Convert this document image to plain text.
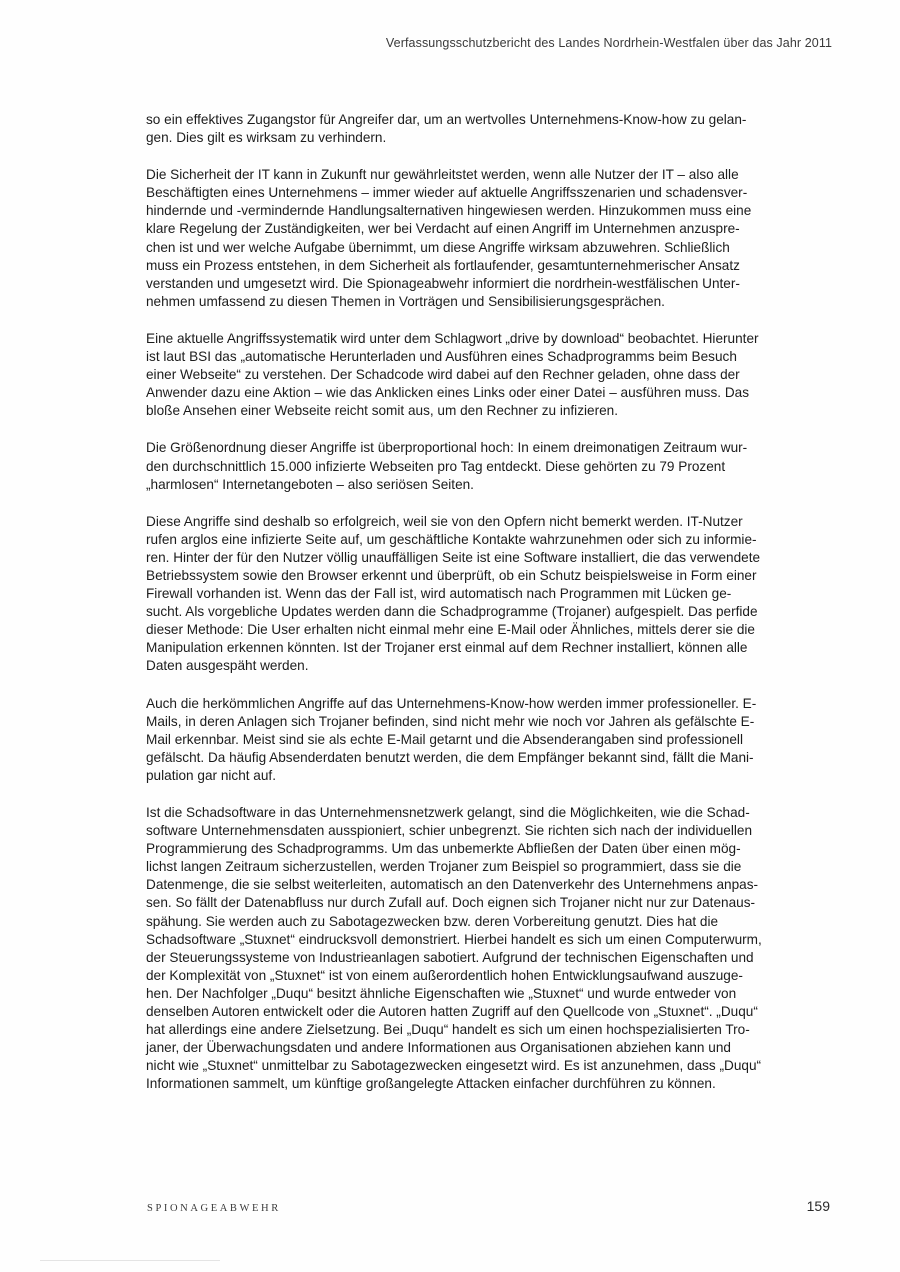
Verfassungsschutzbericht des Landes Nordrhein-Westfalen über das Jahr 2011

so ein effektives Zugangstor für Angreifer dar, um an wertvolles Unternehmens-Know-how zu gelan-
gen. Dies gilt es wirksam zu verhindern.

Die Sicherheit der IT kann in Zukunft nur gewährleitstet werden, wenn alle Nutzer der IT – also alle
Beschäftigten eines Unternehmens – immer wieder auf aktuelle Angriffsszenarien und schadensver-
hindernde und -vermindernde Handlungsalternativen hingewiesen werden. Hinzukommen muss eine
klare Regelung der Zuständigkeiten, wer bei Verdacht auf einen Angriff im Unternehmen anzuspre-
chen ist und wer welche Aufgabe übernimmt, um diese Angriffe wirksam abzuwehren. Schließlich
muss ein Prozess entstehen, in dem Sicherheit als fortlaufender, gesamtunternehmerischer Ansatz
verstanden und umgesetzt wird. Die Spionageabwehr informiert die nordrhein-westfälischen Unter-
nehmen umfassend zu diesen Themen in Vorträgen und Sensibilisierungsgesprächen.

Eine aktuelle Angriffssystematik wird unter dem Schlagwort „drive by download“ beobachtet. Hierunter
ist laut BSI das „automatische Herunterladen und Ausführen eines Schadprogramms beim Besuch
einer Webseite“ zu verstehen. Der Schadcode wird dabei auf den Rechner geladen, ohne dass der
Anwender dazu eine Aktion – wie das Anklicken eines Links oder einer Datei – ausführen muss. Das
bloße Ansehen einer Webseite reicht somit aus, um den Rechner zu infizieren.

Die Größenordnung dieser Angriffe ist überproportional hoch: In einem dreimonatigen Zeitraum wur-
den durchschnittlich 15.000 infizierte Webseiten pro Tag entdeckt. Diese gehörten zu 79 Prozent
„harmlosen“ Internetangeboten – also seriösen Seiten.

Diese Angriffe sind deshalb so erfolgreich, weil sie von den Opfern nicht bemerkt werden. IT-Nutzer
rufen arglos eine infizierte Seite auf, um geschäftliche Kontakte wahrzunehmen oder sich zu informie-
ren. Hinter der für den Nutzer völlig unauffälligen Seite ist eine Software installiert, die das verwendete
Betriebssystem sowie den Browser erkennt und überprüft, ob ein Schutz beispielsweise in Form einer
Firewall vorhanden ist. Wenn das der Fall ist, wird automatisch nach Programmen mit Lücken ge-
sucht. Als vorgebliche Updates werden dann die Schadprogramme (Trojaner) aufgespielt. Das perfide
dieser Methode: Die User erhalten nicht einmal mehr eine E-Mail oder Ähnliches, mittels derer sie die
Manipulation erkennen könnten. Ist der Trojaner erst einmal auf dem Rechner installiert, können alle
Daten ausgespäht werden.

Auch die herkömmlichen Angriffe auf das Unternehmens-Know-how werden immer professioneller. E-
Mails, in deren Anlagen sich Trojaner befinden, sind nicht mehr wie noch vor Jahren als gefälschte E-
Mail erkennbar. Meist sind sie als echte E-Mail getarnt und die Absenderangaben sind professionell
gefälscht. Da häufig Absenderdaten benutzt werden, die dem Empfänger bekannt sind, fällt die Mani-
pulation gar nicht auf.

Ist die Schadsoftware in das Unternehmensnetzwerk gelangt, sind die Möglichkeiten, wie die Schad-
software Unternehmensdaten ausspioniert, schier unbegrenzt. Sie richten sich nach der individuellen
Programmierung des Schadprogramms. Um das unbemerkte Abfließen der Daten über einen mög-
lichst langen Zeitraum sicherzustellen, werden Trojaner zum Beispiel so programmiert, dass sie die
Datenmenge, die sie selbst weiterleiten, automatisch an den Datenverkehr des Unternehmens anpas-
sen. So fällt der Datenabfluss nur durch Zufall auf. Doch eignen sich Trojaner nicht nur zur Datenaus-
spähung. Sie werden auch zu Sabotagezwecken bzw. deren Vorbereitung genutzt. Dies hat die
Schadsoftware „Stuxnet“ eindrucksvoll demonstriert. Hierbei handelt es sich um einen Computerwurm,
der Steuerungssysteme von Industrieanlagen sabotiert. Aufgrund der technischen Eigenschaften und
der Komplexität von „Stuxnet“ ist von einem außerordentlich hohen Entwicklungsaufwand auszuge-
hen. Der Nachfolger „Duqu“ besitzt ähnliche Eigenschaften wie „Stuxnet“ und wurde entweder von
denselben Autoren entwickelt oder die Autoren hatten Zugriff auf den Quellcode von „Stuxnet“. „Duqu“
hat allerdings eine andere Zielsetzung. Bei „Duqu“ handelt es sich um einen hochspezialisierten Tro-
janer, der Überwachungsdaten und andere Informationen aus Organisationen abziehen kann und
nicht wie „Stuxnet“ unmittelbar zu Sabotagezwecken eingesetzt wird. Es ist anzunehmen, dass „Duqu“
Informationen sammelt, um künftige großangelegte Attacken einfacher durchführen zu können.

SPIONAGEABWEHR	159
